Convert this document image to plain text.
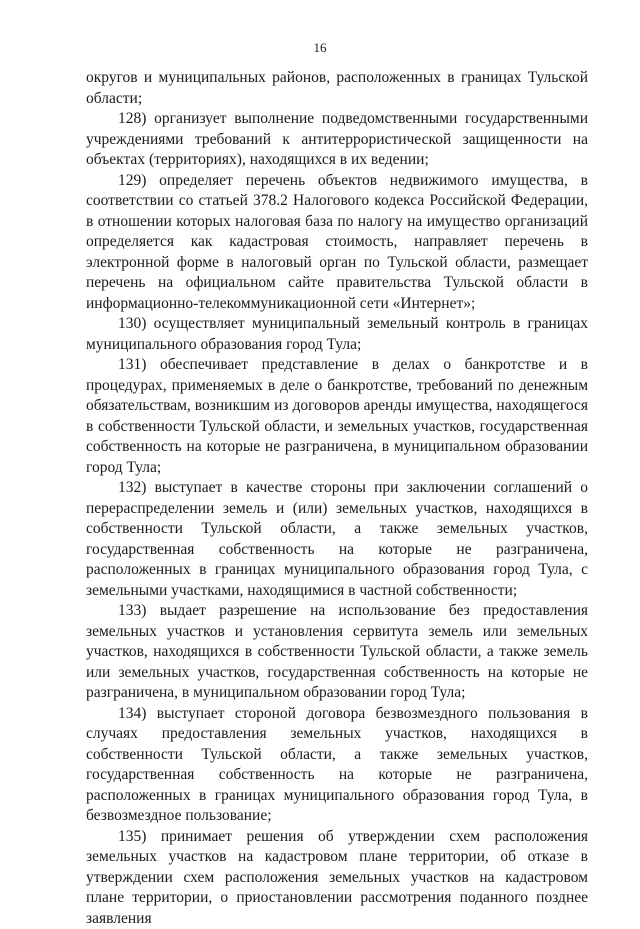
16

округов и муниципальных районов, расположенных в границах Тульской области;

128) организует выполнение подведомственными государственными учреждениями требований к антитеррористической защищенности на объектах (территориях), находящихся в их ведении;

129) определяет перечень объектов недвижимого имущества, в соответствии со статьей 378.2 Налогового кодекса Российской Федерации, в отношении которых налоговая база по налогу на имущество организаций определяется как кадастровая стоимость, направляет перечень в электронной форме в налоговый орган по Тульской области, размещает перечень на официальном сайте правительства Тульской области в информационно-телекоммуникационной сети «Интернет»;

130) осуществляет муниципальный земельный контроль в границах муниципального образования город Тула;

131) обеспечивает представление в делах о банкротстве и в процедурах, применяемых в деле о банкротстве, требований по денежным обязательствам, возникшим из договоров аренды имущества, находящегося в собственности Тульской области, и земельных участков, государственная собственность на которые не разграничена, в муниципальном образовании город Тула;

132) выступает в качестве стороны при заключении соглашений о перераспределении земель и (или) земельных участков, находящихся в собственности Тульской области, а также земельных участков, государственная собственность на которые не разграничена, расположенных в границах муниципального образования город Тула, с земельными участками, находящимися в частной собственности;

133) выдает разрешение на использование без предоставления земельных участков и установления сервитута земель или земельных участков, находящихся в собственности Тульской области, а также земель или земельных участков, государственная собственность на которые не разграничена, в муниципальном образовании город Тула;

134) выступает стороной договора безвозмездного пользования в случаях предоставления земельных участков, находящихся в собственности Тульской области, а также земельных участков, государственная собственность на которые не разграничена, расположенных в границах муниципального образования город Тула, в безвозмездное пользование;

135) принимает решения об утверждении схем расположения земельных участков на кадастровом плане территории, об отказе в утверждении схем расположения земельных участков на кадастровом плане территории, о приостановлении рассмотрения поданного позднее заявления
